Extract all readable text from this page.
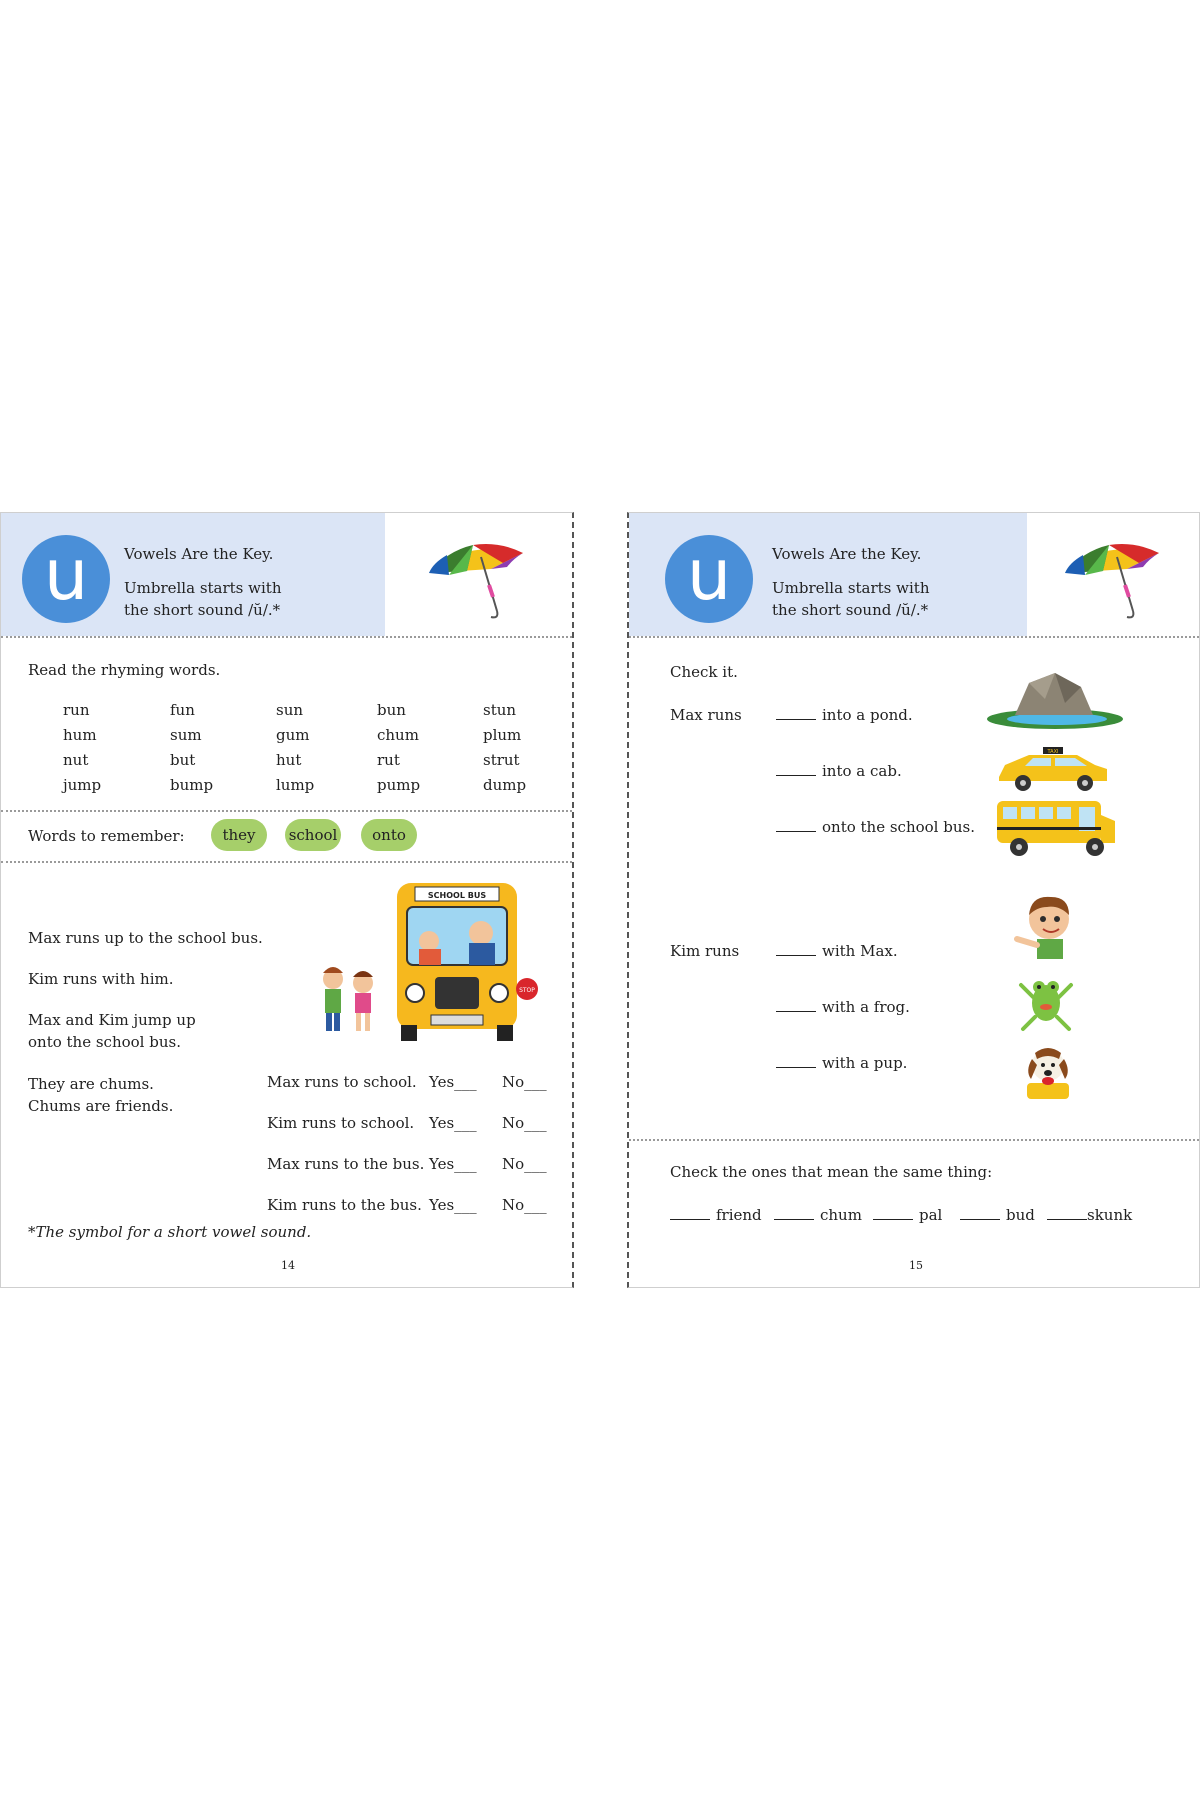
u	Vowels Are the Key.
Umbrella starts with
the short sound /ŭ/.*
Read the rhyming words.
run	fun	sun	bun	stun
hum	sum	gum	chum	plum
nut	but	hut	rut	strut
jump	bump	lump	pump	dump
Words to remember:	they	school	onto
Max runs up to the school bus.
Kim runs with him.
Max and Kim jump up
onto the school bus.
They are chums.
Chums are friends.
SCHOOL BUS
STOP
Max runs to school. Yes___ No___
Kim runs to school. Yes___ No___
Max runs to the bus. Yes___ No___
Kim runs to the bus. Yes___ No___
*The symbol for a short vowel sound.
14
u	Vowels Are the Key.
Umbrella starts with
the short sound /ŭ/.*
Check it.
Max runs	into a pond.
into a cab.
onto the school bus.
TAXI
Kim runs	with Max.
with a frog.
with a pup.
Check the ones that mean the same thing:
friend	chum	pal	bud	skunk
15
